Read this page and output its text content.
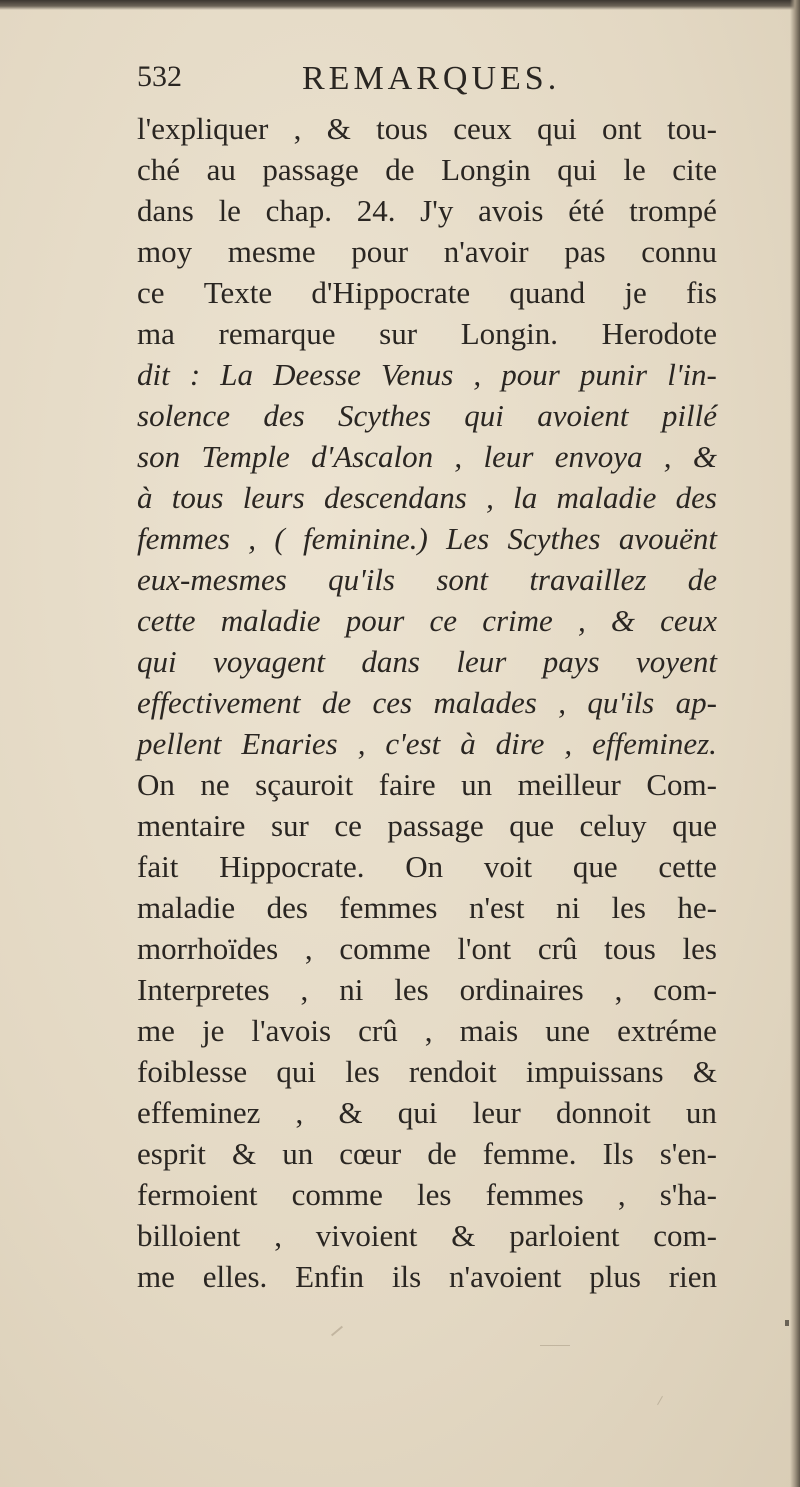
532	REMARQUES.
l'expliquer , & tous ceux qui ont tou-
ché au passage de Longin qui le cite
dans le chap. 24. J'y avois été trompé
moy mesme pour n'avoir pas connu
ce Texte d'Hippocrate quand je fis
ma remarque sur Longin. Herodote
dit : La Deesse Venus , pour punir l'in-
solence des Scythes qui avoient pillé
son Temple d'Ascalon , leur envoya , &
à tous leurs descendans , la maladie des
femmes , ( feminine.) Les Scythes avouënt
eux-mesmes qu'ils sont travaillez de
cette maladie pour ce crime , & ceux
qui voyagent dans leur pays voyent
effectivement de ces malades , qu'ils ap-
pellent Enaries , c'est à dire , effeminez.
On ne sçauroit faire un meilleur Com-
mentaire sur ce passage que celuy que
fait Hippocrate. On voit que cette
maladie des femmes n'est ni les he-
morrhoïdes , comme l'ont crû tous les
Interpretes , ni les ordinaires , com-
me je l'avois crû , mais une extréme
foiblesse qui les rendoit impuissans &
effeminez , & qui leur donnoit un
esprit & un cœur de femme. Ils s'en-
fermoient comme les femmes , s'ha-
billoient , vivoient & parloient com-
me elles. Enfin ils n'avoient plus rien
